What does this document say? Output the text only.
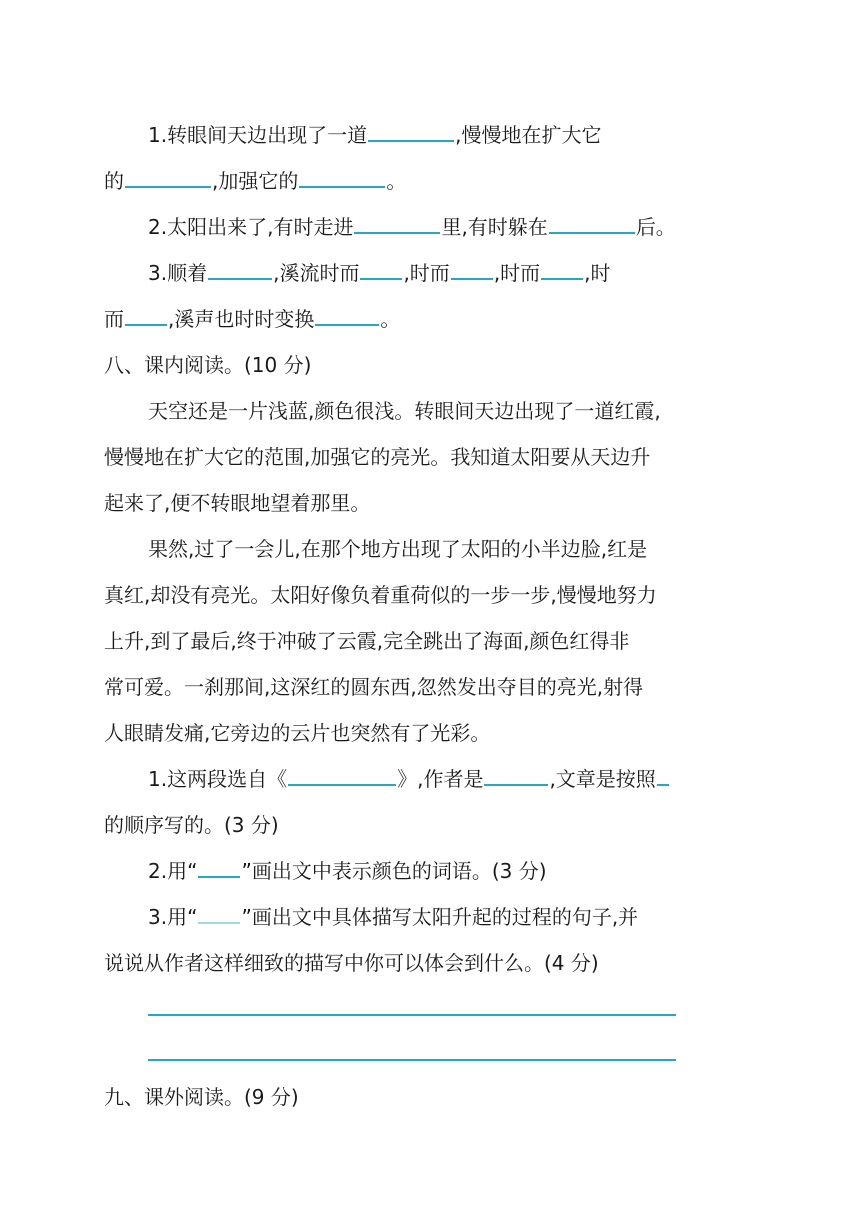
1.转眼间天边出现了一道	,慢慢地在扩大它
的	,加强它的	。
2.太阳出来了,有时走进	里,有时躲在	后。
3.顺着	,溪流时而 ,时而 ,时而 ,时
而 ,溪声也时时变换	。
八、课内阅读。(10 分)
天空还是一片浅蓝,颜色很浅。转眼间天边出现了一道红霞,
慢慢地在扩大它的范围,加强它的亮光。我知道太阳要从天边升
起来了,便不转眼地望着那里。
果然,过了一会儿,在那个地方出现了太阳的小半边脸,红是
真红,却没有亮光。太阳好像负着重荷似的一步一步,慢慢地努力
上升,到了最后,终于冲破了云霞,完全跳出了海面,颜色红得非
常可爱。一刹那间,这深红的圆东西,忽然发出夺目的亮光,射得
人眼睛发痛,它旁边的云片也突然有了光彩。
1.这两段选自《	》,作者是	,文章是按照
的顺序写的。(3 分)
2.用“ ”画出文中表示颜色的词语。(3 分)
3.用“ ”画出文中具体描写太阳升起的过程的句子,并
说说从作者这样细致的描写中你可以体会到什么。(4 分)
九、课外阅读。(9 分)
